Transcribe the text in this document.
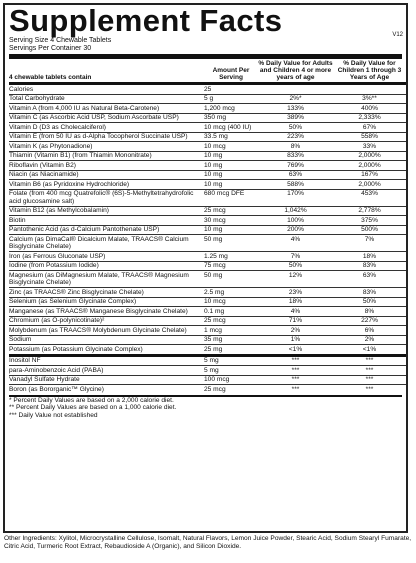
Supplement Facts	V12
Serving Size 4 Chewable Tablets
Servings Per Container 30
4 chewable tablets contain	Amount Per Serving	% Daily Value for Adults and Children 4 or more years of age	% Daily Value for Children 1 through 3 Years of Age
Calories	25		
Total Carbohydrate	5 g	2%*	3%**
Vitamin A (from 4,000 IU as Natural Beta-Carotene)	1,200 mcg	133%	400%
Vitamin C (as Ascorbic Acid USP, Sodium Ascorbate USP)	350 mg	389%	2,333%
Vitamin D (D3 as Cholecalciferol)	10 mcg (400 IU)	50%	67%
Vitamin E (from 50 IU as d-Alpha Tocopherol Succinate USP)	33.5 mg	223%	558%
Vitamin K (as Phytonadione)	10 mcg	8%	33%
Thiamin (Vitamin B1) (from Thiamin Mononitrate)	10 mg	833%	2,000%
Riboflavin (Vitamin B2)	10 mg	769%	2,000%
Niacin (as Niacinamide)	10 mg	63%	167%
Vitamin B6 (as Pyridoxine Hydrochloride)	10 mg	588%	2,000%
Folate (from 400 mcg Quatrefolic® (6S)-5-Methyltetrahydrofolic acid glucosamine salt)	680 mcg DFE	170%	453%
Vitamin B12 (as Methylcobalamin)	25 mcg	1,042%	2,778%
Biotin	30 mcg	100%	375%
Pantothenic Acid (as d-Calcium Pantothenate USP)	10 mg	200%	500%
Calcium (as DimaCal® Dicalcium Malate, TRAACS® Calcium Bisglycinate Chelate)	50 mg	4%	7%
Iron (as Ferrous Gluconate USP)	1.25 mg	7%	18%
Iodine (from Potassium Iodide)	75 mcg	50%	83%
Magnesium (as DiMagnesium Malate, TRAACS® Magnesium Bisglycinate Chelate)	50 mg	12%	63%
Zinc (as TRAACS® Zinc Bisglycinate Chelate)	2.5 mg	23%	83%
Selenium (as Selenium Glycinate Complex)	10 mcg	18%	50%
Manganese (as TRAACS® Manganese Bisglycinate Chelate)	0.1 mg	4%	8%
Chromium (as O-polynicotinate)²	25 mcg	71%	227%
Molybdenum (as TRAACS® Molybdenum Glycinate Chelate)	1 mcg	2%	6%
Sodium	35 mg	1%	2%
Potassium (as Potassium Glycinate Complex)	25 mg	<1%	<1%
Inositol NF	5 mg	***	***
para-Aminobenzoic Acid (PABA)	5 mg	***	***
Vanadyl Sulfate Hydrate	100 mcg	***	***
Boron (as Bororganic™ Glycine)	25 mcg	***	***
* Percent Daily Values are based on a 2,000 calorie diet.
** Percent Daily Values are based on a 1,000 calorie diet.
*** Daily Value not established
Other Ingredients: Xylitol, Microcrystalline Cellulose, Isomalt, Natural Flavors, Lemon Juice Powder, Stearic Acid, Sodium Stearyl Fumarate, Citric Acid, Turmeric Root Extract, Rebaudioside A (Organic), and Silicon Dioxide.
